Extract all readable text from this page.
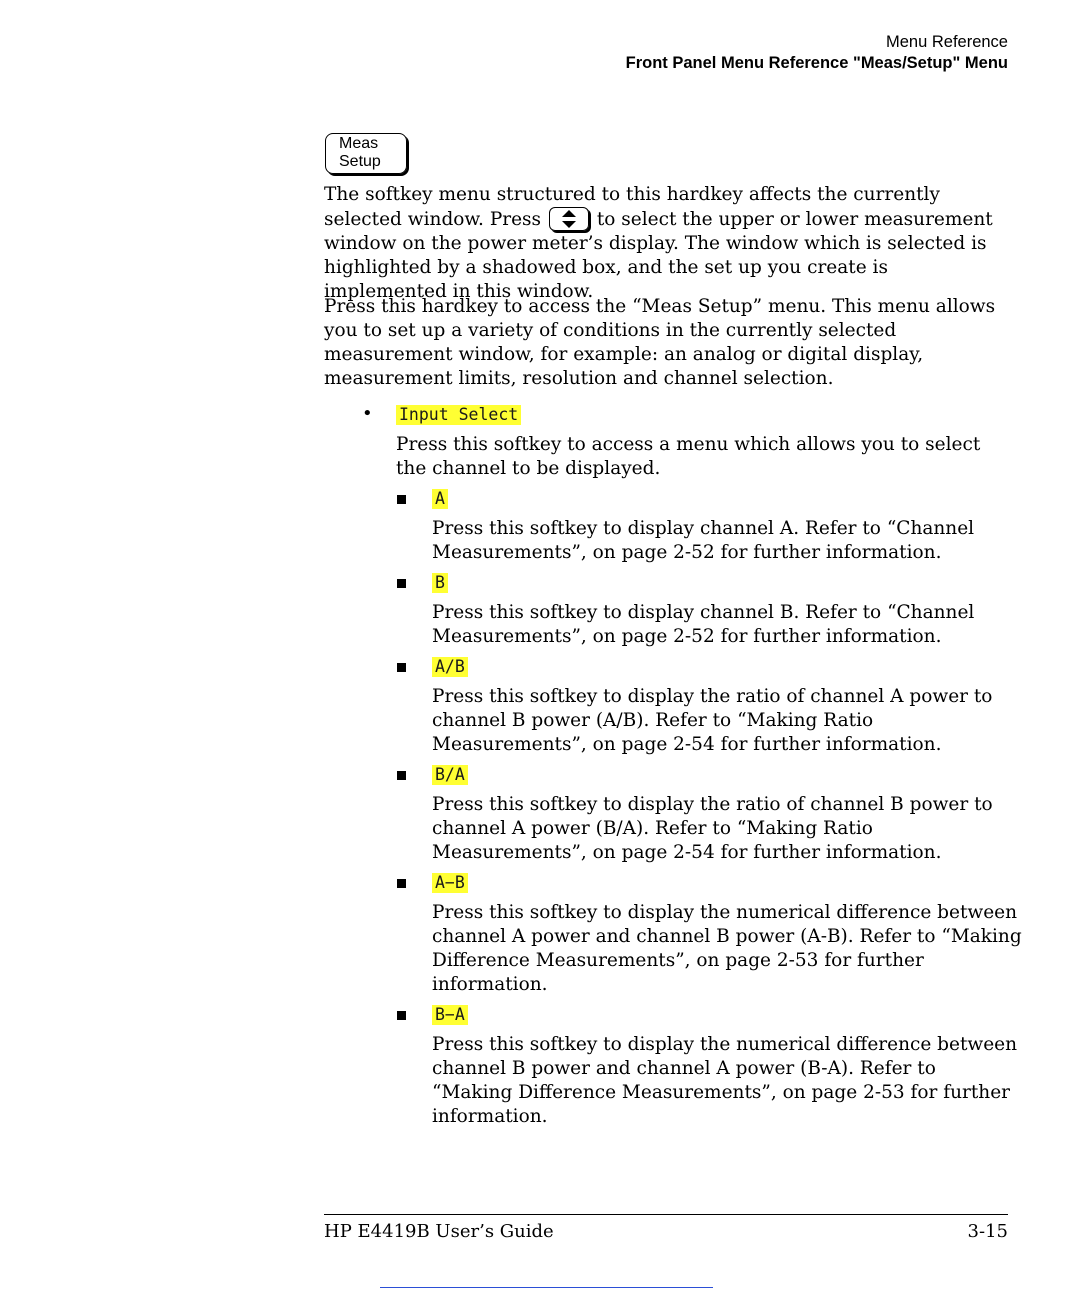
Menu Reference
Front Panel Menu Reference "Meas/Setup" Menu
Meas
Setup

The softkey menu structured to this hardkey affects the currently selected window. Press	to select the upper or lower measurement window on the power meter’s display. The window which is selected is highlighted by a shadowed box, and the set up you create is implemented in this window.

Press this hardkey to access the “Meas Setup” menu. This menu allows you to set up a variety of conditions in the currently selected measurement window, for example: an analog or digital display, measurement limits, resolution and channel selection.

• Input Select

Press this softkey to access a menu which allows you to select the channel to be displayed.

A

Press this softkey to display channel A. Refer to “Channel Measurements”, on page 2-52 for further information.

B

Press this softkey to display channel B. Refer to “Channel Measurements”, on page 2-52 for further information.

A/B

Press this softkey to display the ratio of channel A power to channel B power (A/B). Refer to “Making Ratio Measurements”, on page 2-54 for further information.

B/A

Press this softkey to display the ratio of channel B power to channel A power (B/A). Refer to “Making Ratio Measurements”, on page 2-54 for further information.

A−B

Press this softkey to display the numerical difference between channel A power and channel B power (A-B). Refer to “Making Difference Measurements”, on page 2-53 for further information.

B−A

Press this softkey to display the numerical difference between channel B power and channel A power (B-A). Refer to “Making Difference Measurements”, on page 2-53 for further information.

HP E4419B User’s Guide	3-15
